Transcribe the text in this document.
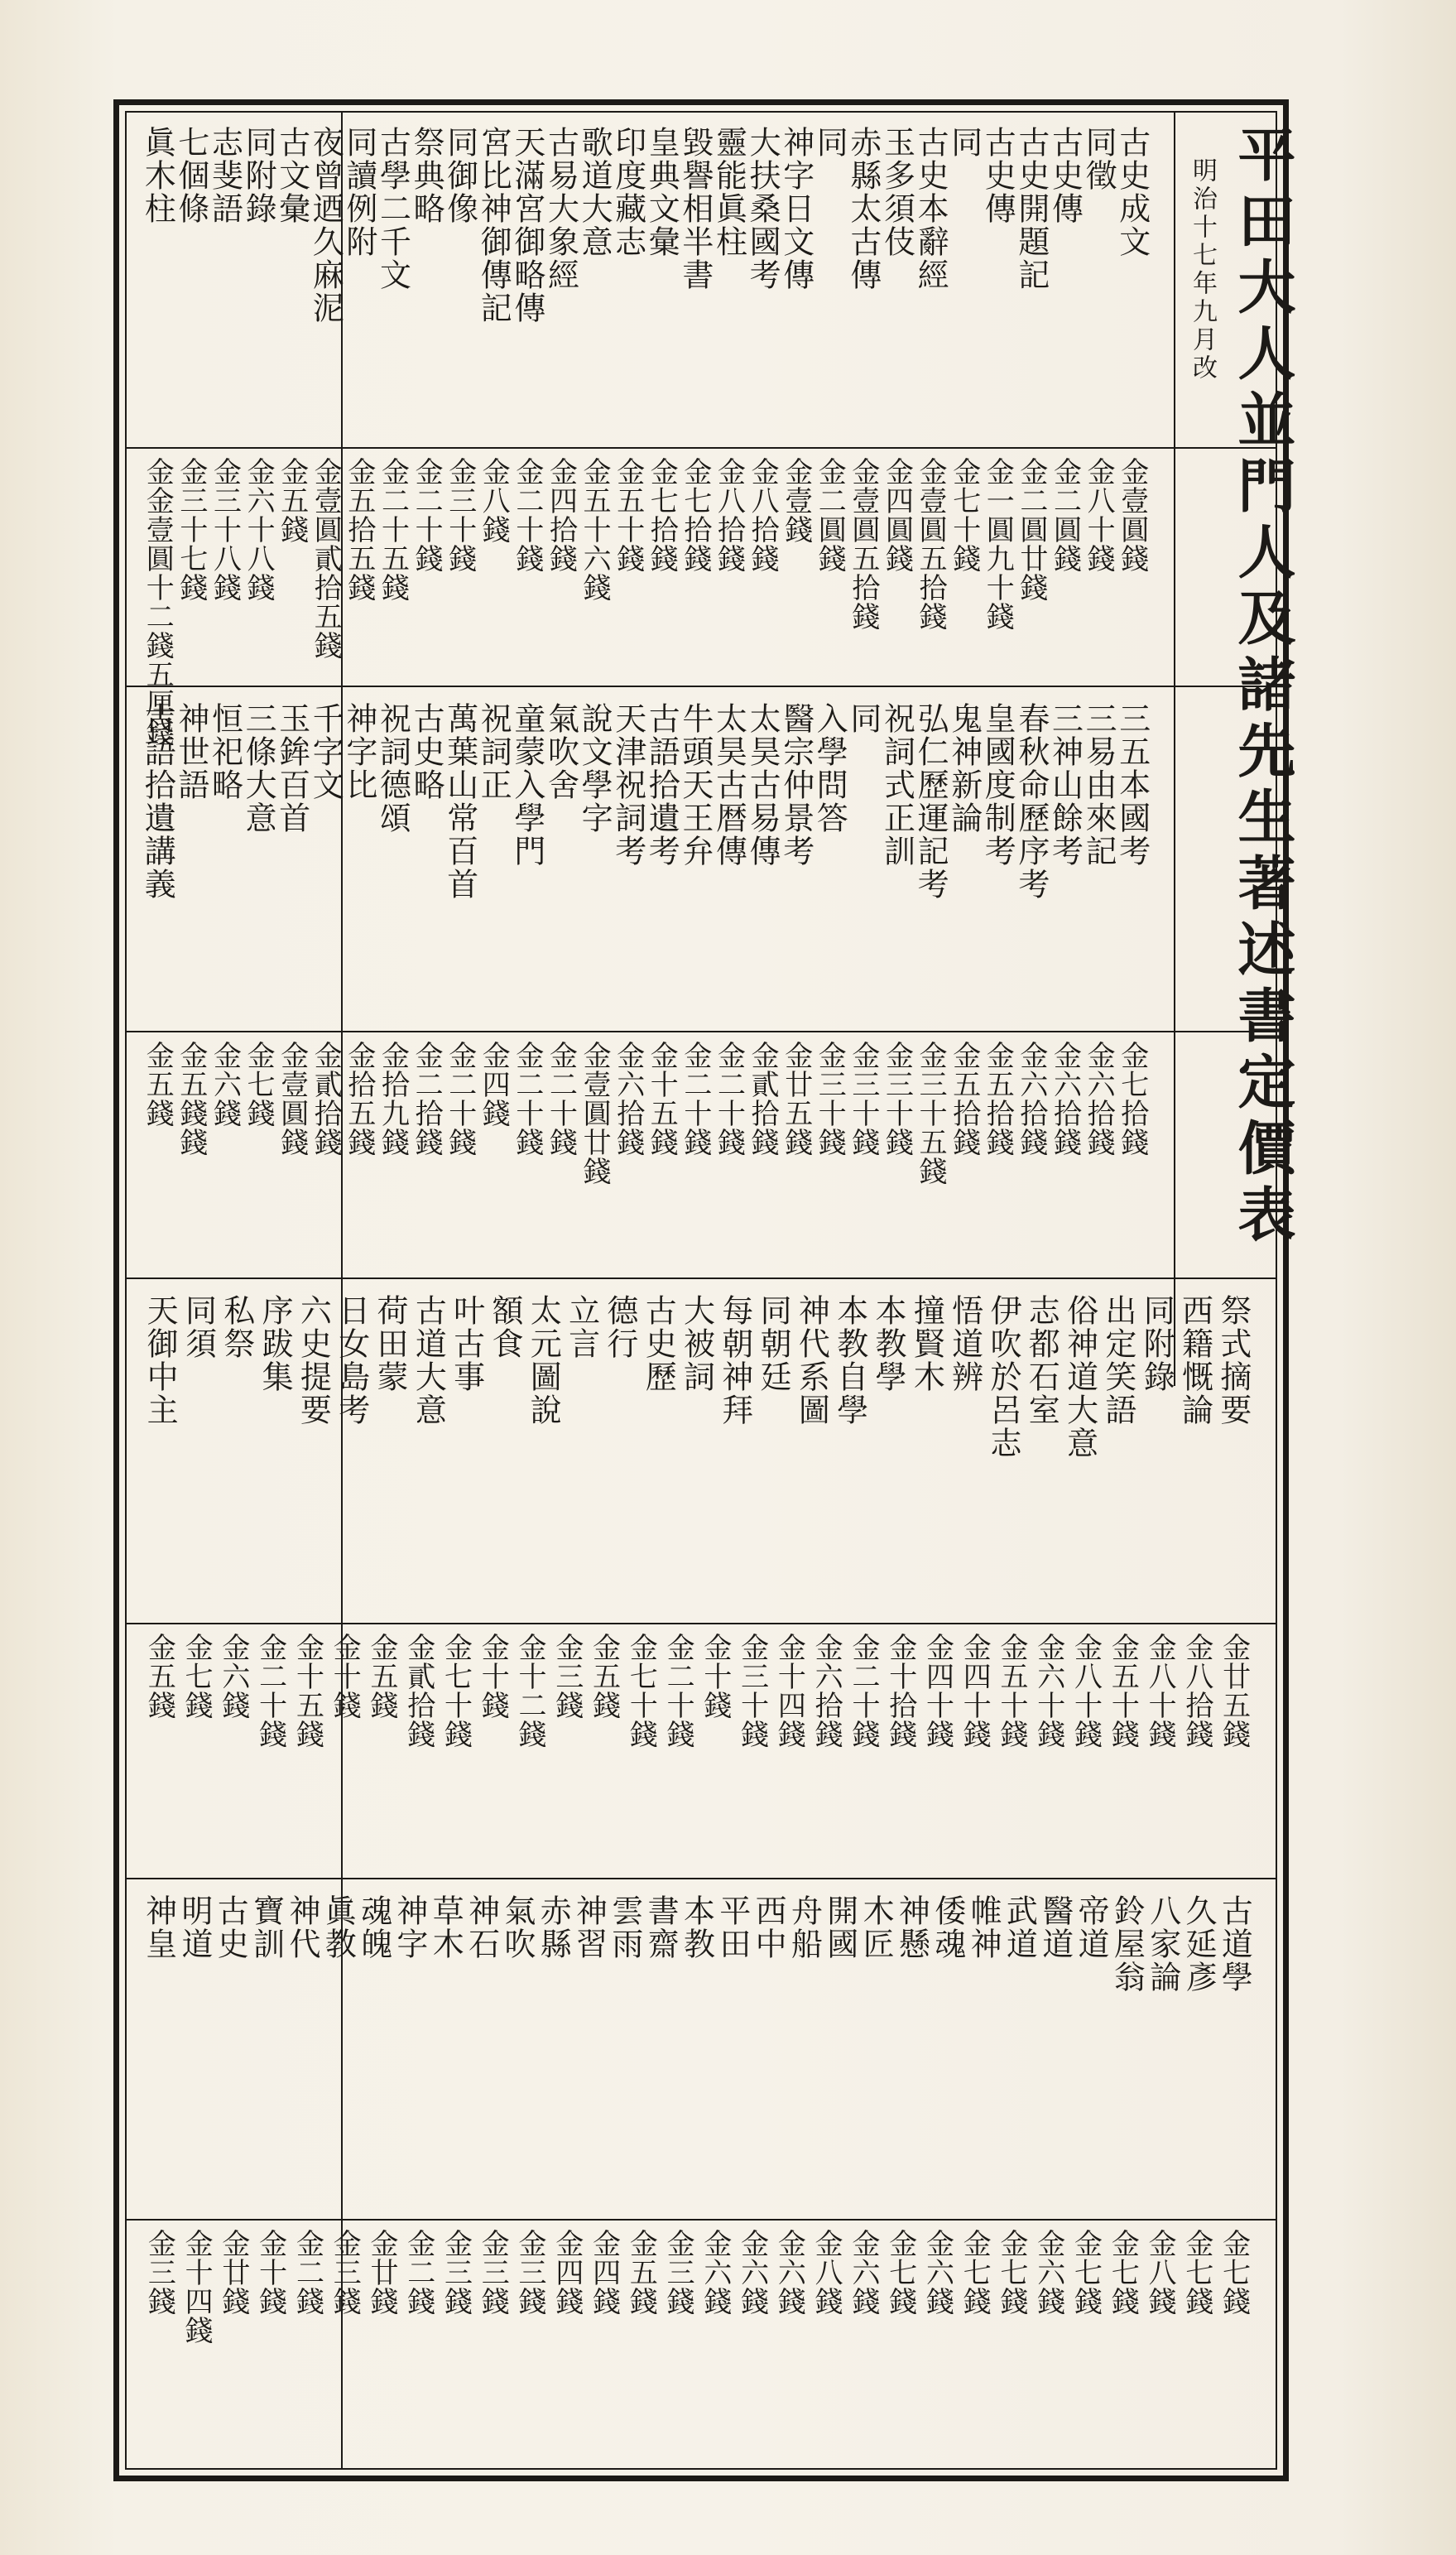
平田大人並門人及諸先生著述書定價表
明治十七年九月改
古史成文
同徵
古史傳
古史開題記
古史傳
同
古史本辭經
玉多須伎
赤縣太古傳
同
神字日文傳
大扶桑國考
靈能眞柱
毀譽相半書
皇典文彙
印度藏志
歌道大意
古易大象經
天滿宮御略傳
宮比神御傳記
同御像
祭典略
古學二千文
同讀例附
夜曾迺久麻泥
古文彙
同附錄
志斐語
七個條
眞木柱
金壹圓錢
金八十錢
金二圓錢
金二圓廿錢
金一圓九十錢
金七十錢
金壹圓五拾錢
金四圓錢
金壹圓五拾錢
金二圓錢
金壹錢
金八拾錢
金八拾錢
金七拾錢
金七拾錢
金五十錢
金五十六錢
金四拾錢
金二十錢
金八錢
金三十錢
金二十錢
金二十五錢
金五拾五錢
金壹圓貳拾五錢
金五錢
金六十八錢
金三十八錢
金三十七錢
金金壹圓十二錢五厘錢
三五本國考
三易由來記
三神山餘考
春秋命歷序考
皇國度制考
鬼神新論
弘仁歷運記考
祝詞式正訓
同
入學問答
醫宗仲景考
太昊古易傳
太昊古暦傳
牛頭天王弁
古語拾遺考
天津祝詞考
說文學字
氣吹舍
童蒙入學門
祝詞正
萬葉山常百首
古史略
祝詞德頌
神字比
千字文
玉鉾百首
三條大意
恒祀略
神世語
古語拾遺講義
金七拾錢
金六拾錢
金六拾錢
金六拾錢
金五拾錢
金五拾錢
金三十五錢
金三十錢
金三十錢
金三十錢
金廿五錢
金貳拾錢
金二十錢
金二十錢
金十五錢
金六拾錢
金壹圓廿錢
金二十錢
金二十錢
金四錢
金二十錢
金二拾錢
金拾九錢
金拾五錢
金貳拾錢
金壹圓錢
金七錢
金六錢
金五錢錢
金五錢
祭式摘要
西籍慨論
同附錄
出定笑語
俗神道大意
志都石室
伊吹於呂志
悟道辨
撞賢木
本教學
本教自學
神代系圖
同朝廷
每朝神拜
大被詞
古史歷
德行
立言
太元圖說
額食
叶古事
古道大意
荷田蒙
日女島考
六史提要
序跋集
私祭
同須
天御中主
金廿五錢
金八拾錢
金八十錢
金五十錢
金八十錢
金六十錢
金五十錢
金四十錢
金四十錢
金十拾錢
金二十錢
金六拾錢
金十四錢
金三十錢
金十錢
金二十錢
金七十錢
金五錢
金三錢
金十二錢
金十錢
金七十錢
金貳拾錢
金五錢
金十錢
金十五錢
金二十錢
金六錢
金七錢
金五錢
古道學
久延彥
八家論
鈴屋翁
帝道
醫道
武道
帷神
倭魂
神懸
木匠
開國
舟船
西中
平田
本教
書齋
雲雨
神習
赤縣
氣吹
神石
草木
神字
魂魄
眞教
神代
寶訓
古史
明道
神皇
金七錢
金七錢
金八錢
金七錢
金七錢
金六錢
金七錢
金七錢
金六錢
金七錢
金六錢
金八錢
金六錢
金六錢
金六錢
金三錢
金五錢
金四錢
金四錢
金三錢
金三錢
金三錢
金二錢
金廿錢
金三錢
金二錢
金十錢
金廿錢
金十四錢
金三錢
